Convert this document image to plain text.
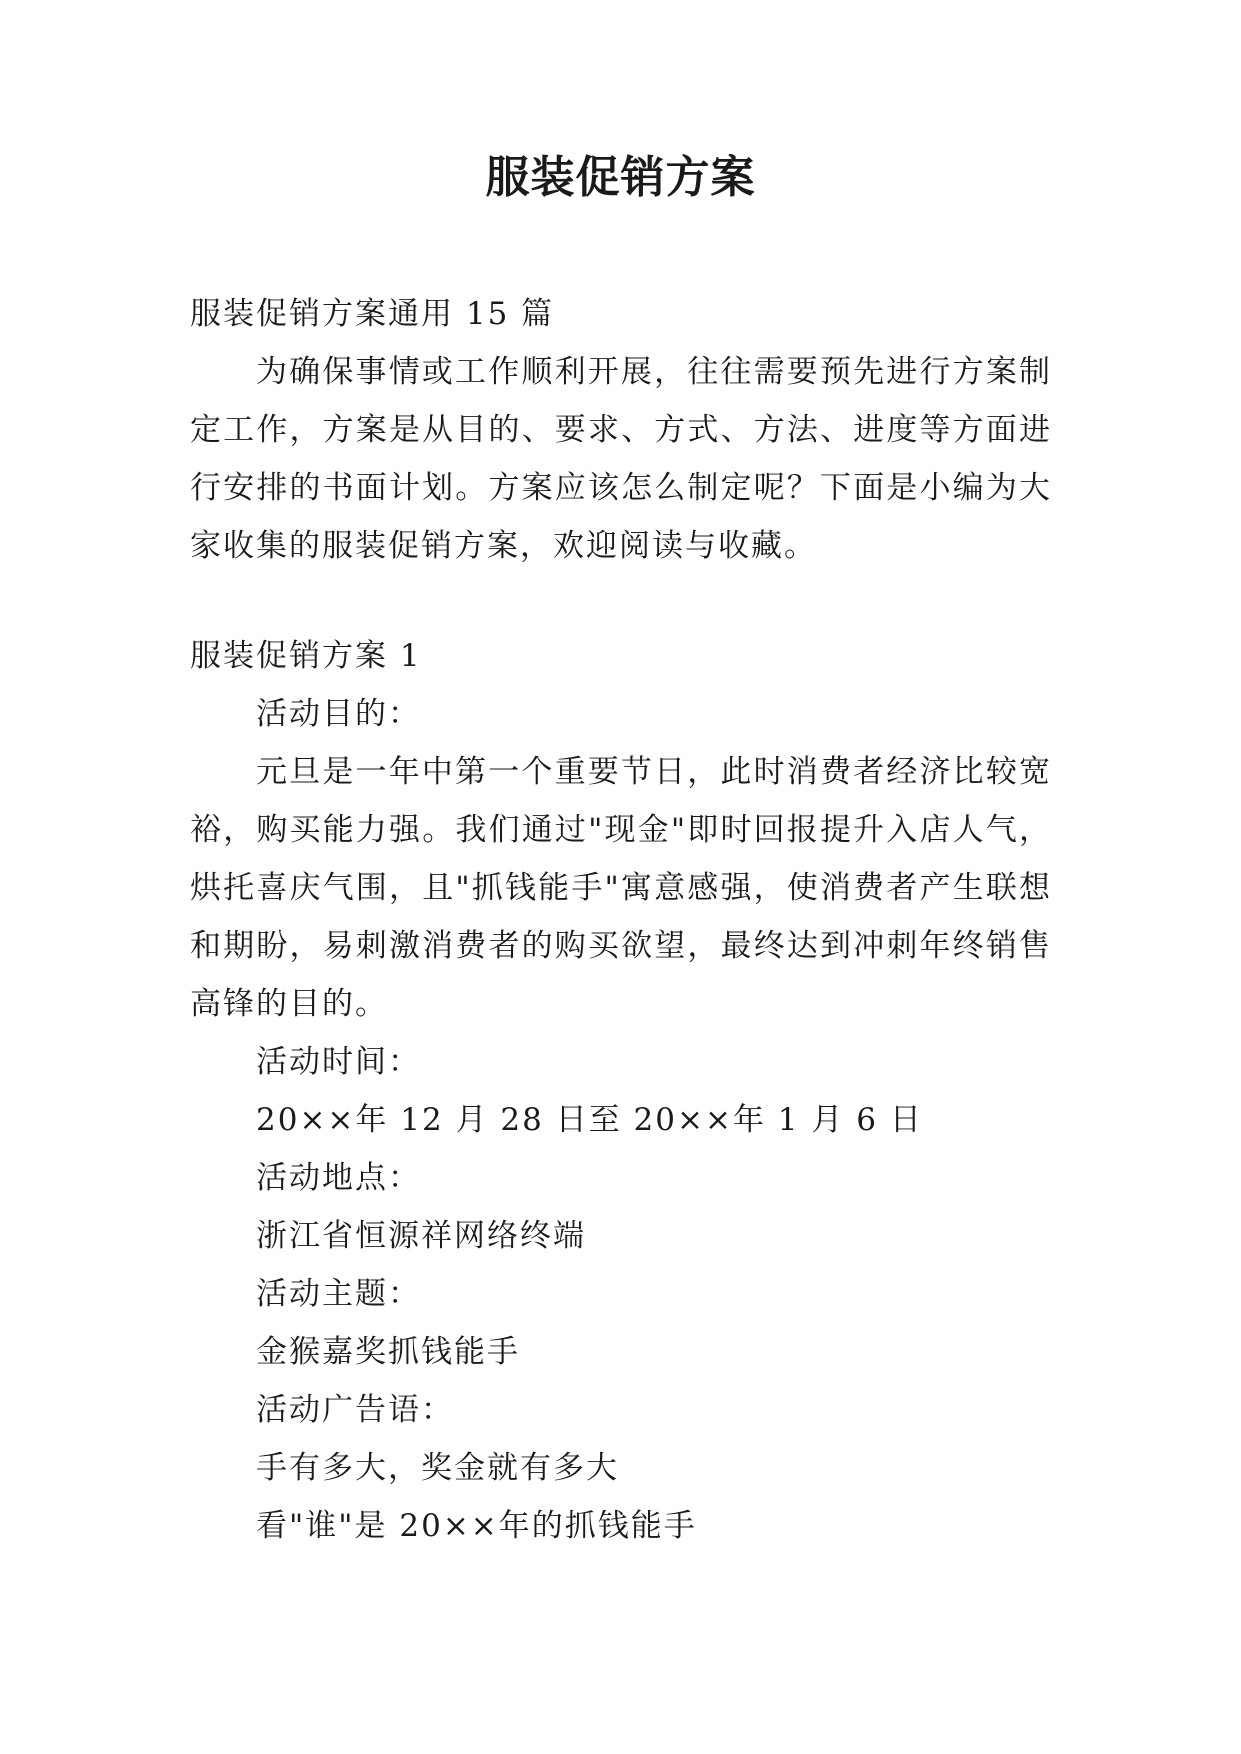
服装促销方案

服装促销方案通用 15 篇

为确保事情或工作顺利开展，往往需要预先进行方案制定工作，方案是从目的、要求、方式、方法、进度等方面进行安排的书面计划。方案应该怎么制定呢？下面是小编为大家收集的服装促销方案，欢迎阅读与收藏。

服装促销方案 1

活动目的：

元旦是一年中第一个重要节日，此时消费者经济比较宽裕，购买能力强。我们通过"现金"即时回报提升入店人气，烘托喜庆气围，且"抓钱能手"寓意感强，使消费者产生联想和期盼，易刺激消费者的购买欲望，最终达到冲刺年终销售高锋的目的。

活动时间：

20××年 12 月 28 日至 20××年 1 月 6 日

活动地点：

浙江省恒源祥网络终端

活动主题：

金猴嘉奖抓钱能手

活动广告语：

手有多大，奖金就有多大

看"谁"是 20××年的抓钱能手
